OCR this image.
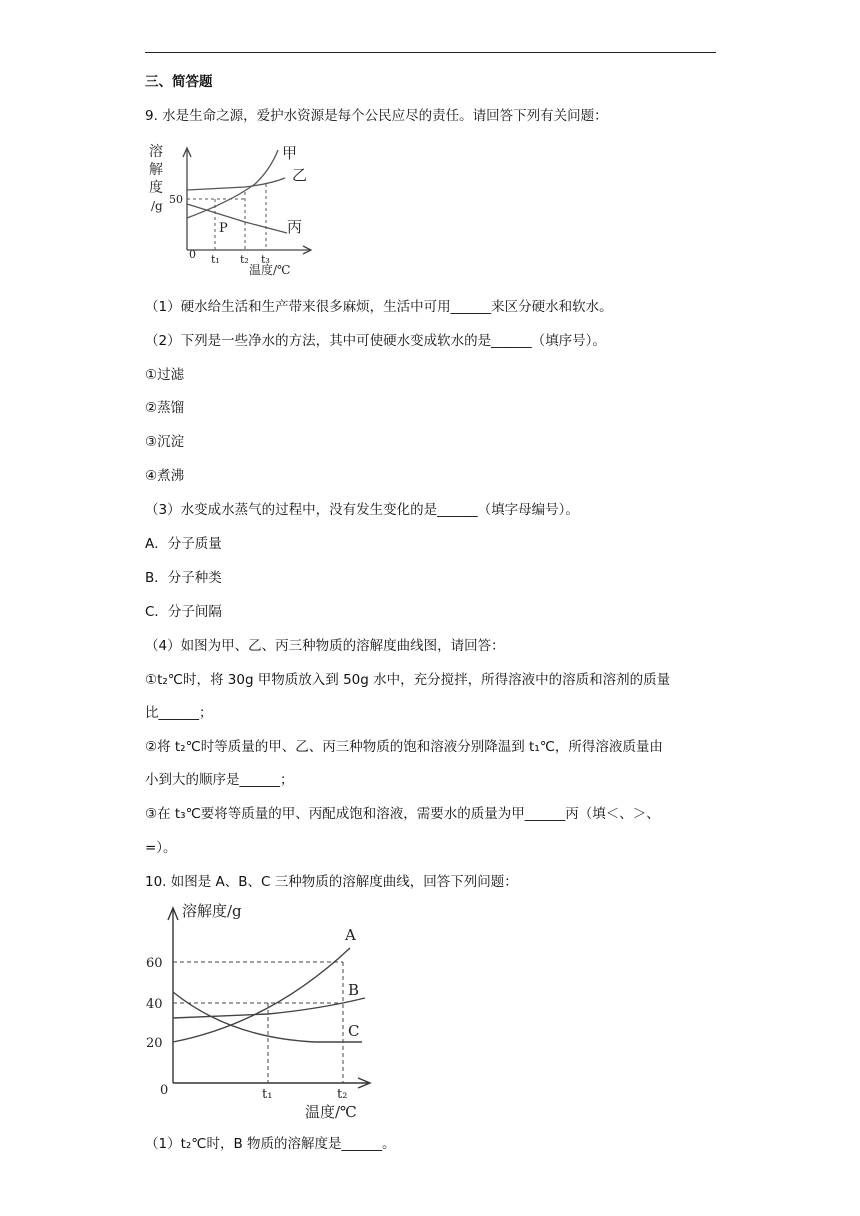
三、简答题
9. 水是生命之源，爱护水资源是每个公民应尽的责任。请回答下列有关问题：
溶
解
度
/g 50
0 t₁ t₂ t₃
温度/℃
P
甲
乙
丙
（1）硬水给生活和生产带来很多麻烦，生活中可用______来区分硬水和软水。
（2）下列是一些净水的方法，其中可使硬水变成软水的是______（填序号）。
①过滤
②蒸馏
③沉淀
④煮沸
（3）水变成水蒸气的过程中，没有发生变化的是______（填字母编号）。
A．分子质量
B．分子种类
C．分子间隔
（4）如图为甲、乙、丙三种物质的溶解度曲线图，请回答：
①t₂℃时，将 30g 甲物质放入到 50g 水中，充分搅拌，所得溶液中的溶质和溶剂的质量
比______；
②将 t₂℃时等质量的甲、乙、丙三种物质的饱和溶液分别降温到 t₁℃，所得溶液质量由
小到大的顺序是______；
③在 t₃℃要将等质量的甲、丙配成饱和溶液，需要水的质量为甲______丙（填＜、＞、
=）。
10. 如图是 A、B、C 三种物质的溶解度曲线，回答下列问题：
溶解度/g
60
40
20
0	t₁	t₂
温度/℃
A
B
C
（1）t₂℃时，B 物质的溶解度是______。
